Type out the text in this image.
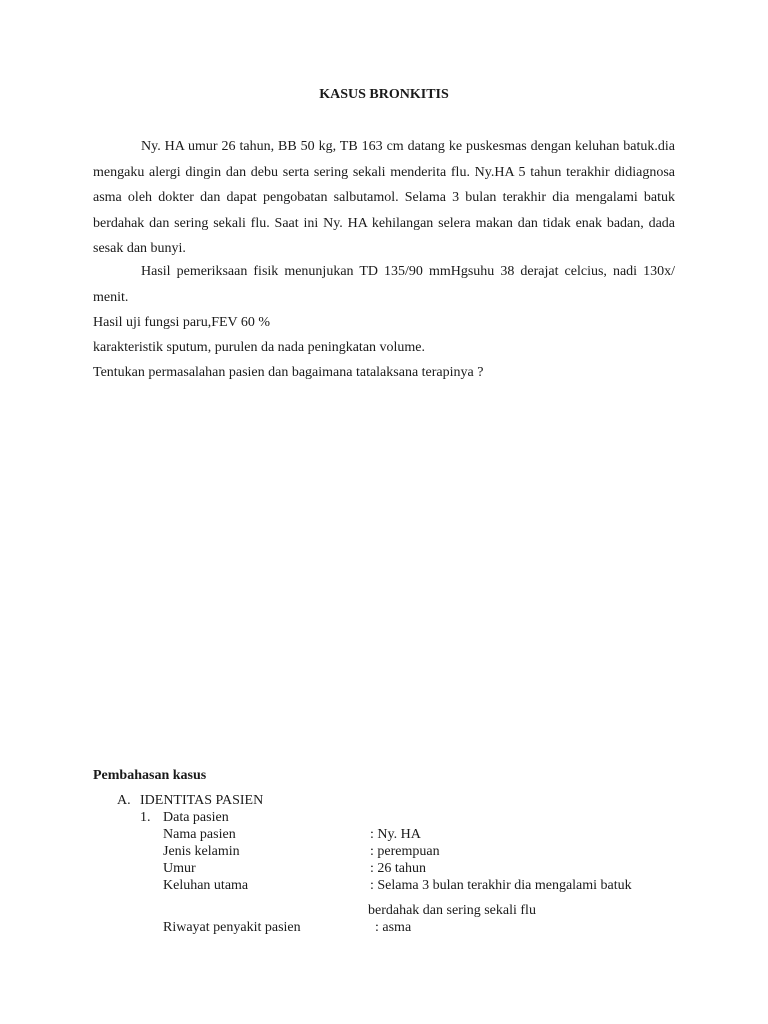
KASUS BRONKITIS
Ny. HA umur 26 tahun, BB 50 kg, TB 163 cm datang ke puskesmas dengan keluhan batuk.dia mengaku alergi dingin dan debu serta sering sekali menderita flu. Ny.HA 5 tahun terakhir didiagnosa asma oleh dokter dan dapat pengobatan salbutamol. Selama 3 bulan terakhir dia mengalami batuk berdahak dan sering sekali flu. Saat ini Ny. HA kehilangan selera makan dan tidak enak badan, dada sesak dan bunyi.
Hasil pemeriksaan fisik menunjukan TD 135/90 mmHgsuhu 38 derajat celcius, nadi 130x/ menit.
Hasil uji fungsi paru,FEV 60 %
karakteristik sputum, purulen da nada peningkatan volume.
Tentukan permasalahan pasien dan bagaimana tatalaksana terapinya ?
Pembahasan kasus
A. IDENTITAS PASIEN
1. Data pasien
Nama pasien	: Ny. HA
Jenis kelamin	: perempuan
Umur	: 26 tahun
Keluhan utama	: Selama 3 bulan terakhir dia mengalami batuk
berdahak dan sering sekali flu
Riwayat penyakit pasien	: asma
